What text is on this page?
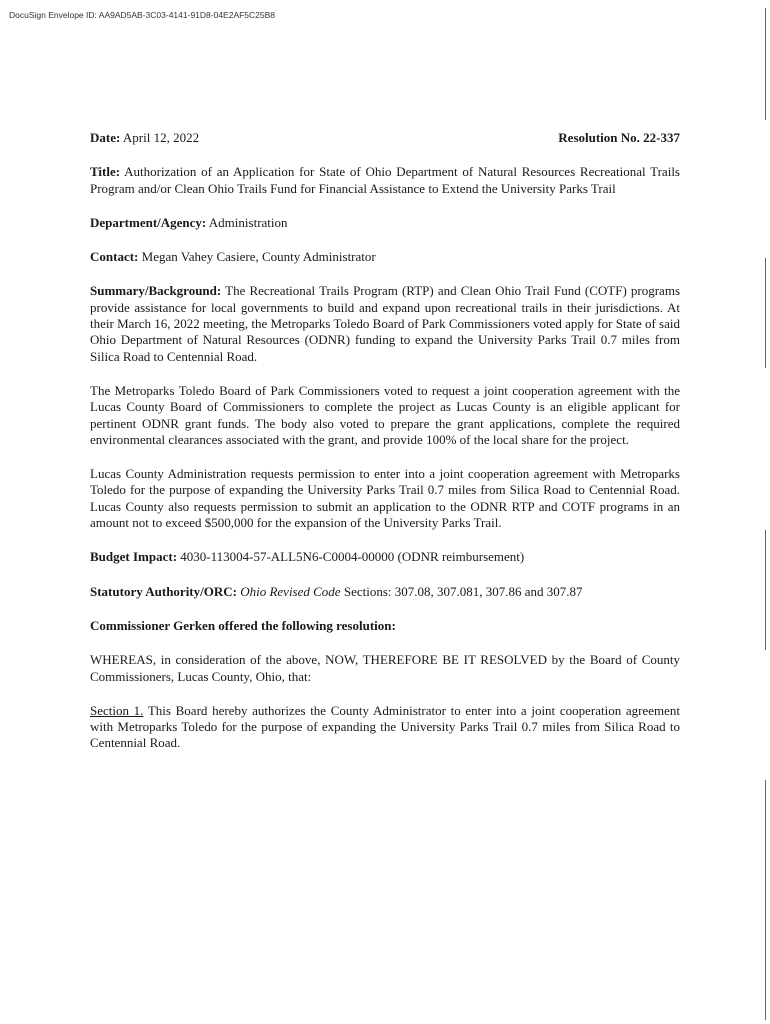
DocuSign Envelope ID: AA9AD5AB-3C03-4141-91D8-04E2AF5C25B8
Date: April 12, 2022	Resolution No. 22-337

Title: Authorization of an Application for State of Ohio Department of Natural Resources Recreational Trails Program and/or Clean Ohio Trails Fund for Financial Assistance to Extend the University Parks Trail

Department/Agency: Administration

Contact: Megan Vahey Casiere, County Administrator

Summary/Background: The Recreational Trails Program (RTP) and Clean Ohio Trail Fund (COTF) programs provide assistance for local governments to build and expand upon recreational trails in their jurisdictions. At their March 16, 2022 meeting, the Metroparks Toledo Board of Park Commissioners voted apply for State of said Ohio Department of Natural Resources (ODNR) funding to expand the University Parks Trail 0.7 miles from Silica Road to Centennial Road.

The Metroparks Toledo Board of Park Commissioners voted to request a joint cooperation agreement with the Lucas County Board of Commissioners to complete the project as Lucas County is an eligible applicant for pertinent ODNR grant funds. The body also voted to prepare the grant applications, complete the required environmental clearances associated with the grant, and provide 100% of the local share for the project.

Lucas County Administration requests permission to enter into a joint cooperation agreement with Metroparks Toledo for the purpose of expanding the University Parks Trail 0.7 miles from Silica Road to Centennial Road. Lucas County also requests permission to submit an application to the ODNR RTP and COTF programs in an amount not to exceed $500,000 for the expansion of the University Parks Trail.

Budget Impact: 4030-113004-57-ALL5N6-C0004-00000 (ODNR reimbursement)

Statutory Authority/ORC: Ohio Revised Code Sections: 307.08, 307.081, 307.86 and 307.87

Commissioner Gerken offered the following resolution:

WHEREAS, in consideration of the above, NOW, THEREFORE BE IT RESOLVED by the Board of County Commissioners, Lucas County, Ohio, that:

Section 1. This Board hereby authorizes the County Administrator to enter into a joint cooperation agreement with Metroparks Toledo for the purpose of expanding the University Parks Trail 0.7 miles from Silica Road to Centennial Road.
